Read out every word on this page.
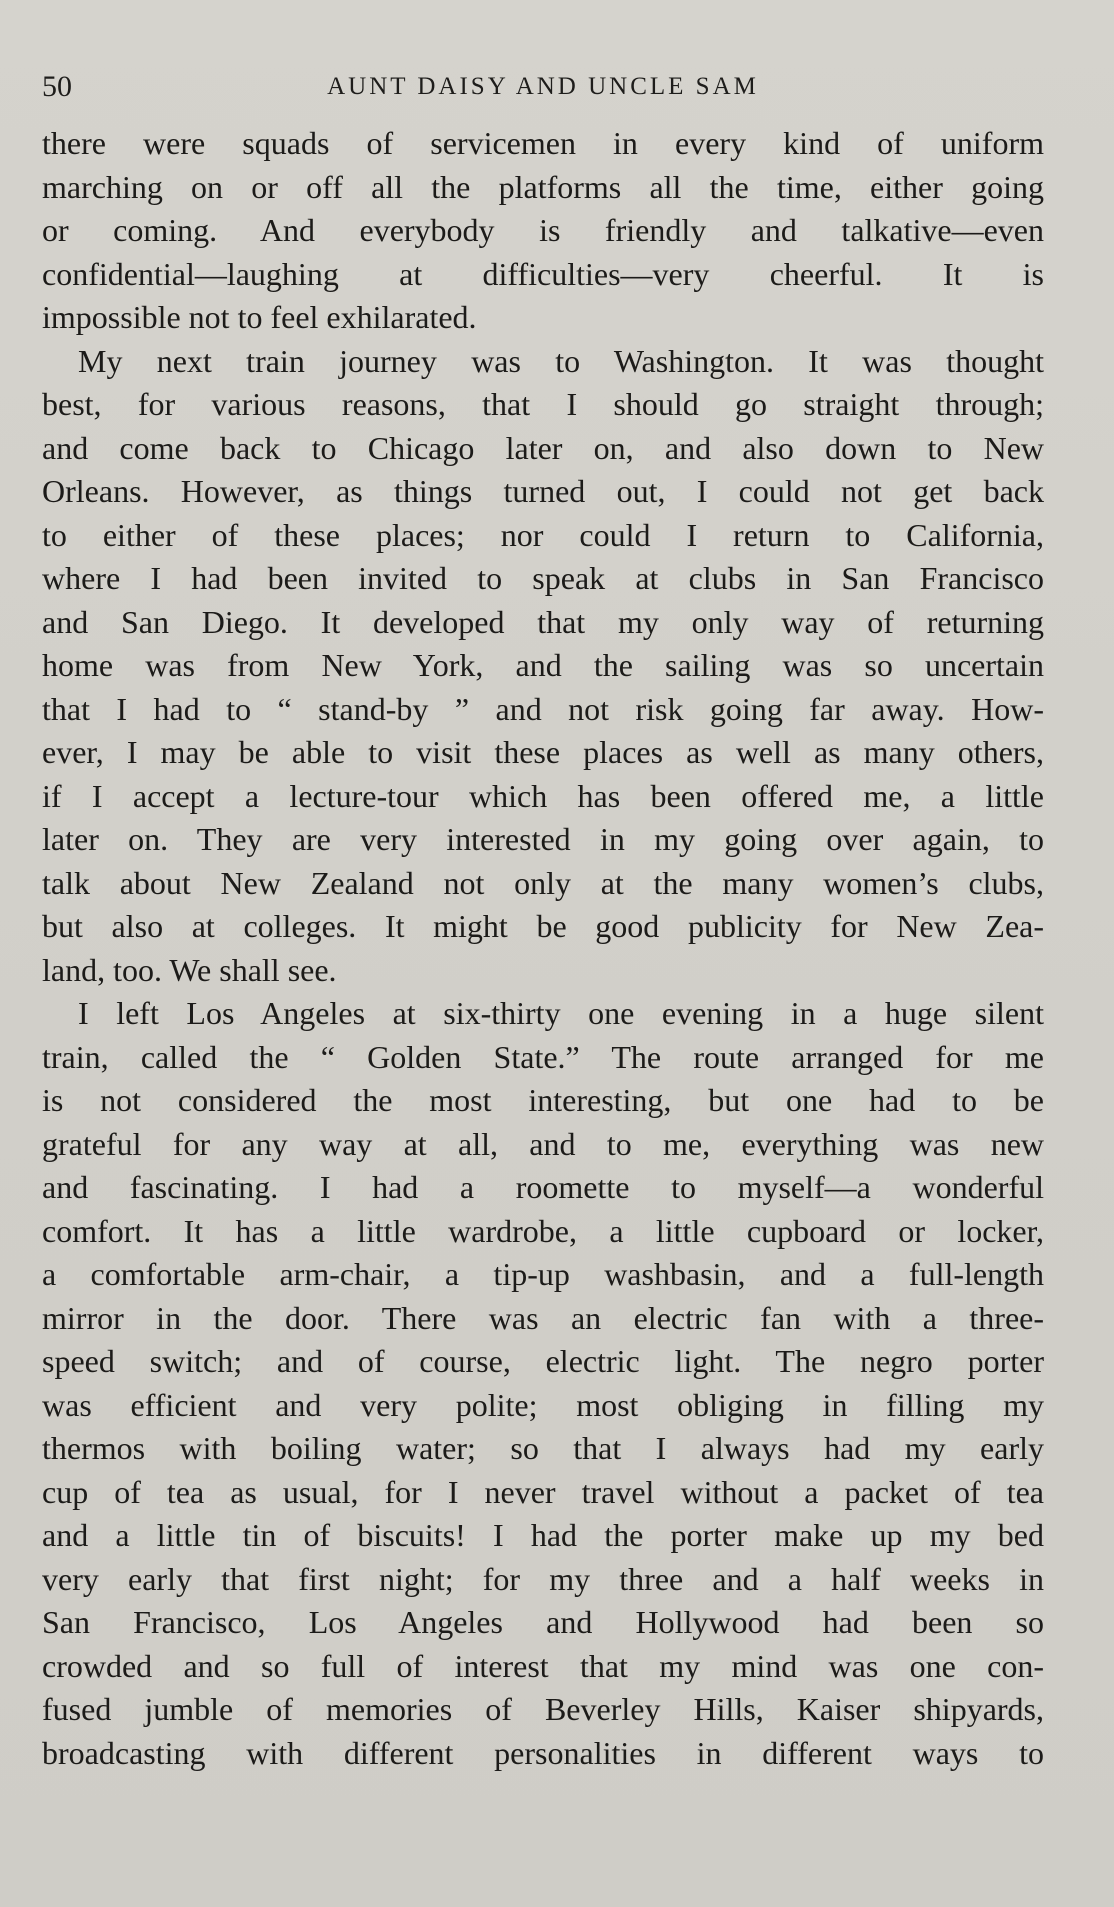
50	AUNT DAISY AND UNCLE SAM
there were squads of servicemen in every kind of uniform
marching on or off all the platforms all the time, either going
or coming. And everybody is friendly and talkative—even
confidential—laughing at difficulties—very cheerful. It is
impossible not to feel exhilarated.
My next train journey was to Washington. It was thought
best, for various reasons, that I should go straight through;
and come back to Chicago later on, and also down to New
Orleans. However, as things turned out, I could not get back
to either of these places; nor could I return to California,
where I had been invited to speak at clubs in San Francisco
and San Diego. It developed that my only way of returning
home was from New York, and the sailing was so uncertain
that I had to “ stand-by ” and not risk going far away. How-
ever, I may be able to visit these places as well as many others,
if I accept a lecture-tour which has been offered me, a little
later on. They are very interested in my going over again, to
talk about New Zealand not only at the many women’s clubs,
but also at colleges. It might be good publicity for New Zea-
land, too. We shall see.
I left Los Angeles at six-thirty one evening in a huge silent
train, called the “ Golden State.” The route arranged for me
is not considered the most interesting, but one had to be
grateful for any way at all, and to me, everything was new
and fascinating. I had a roomette to myself—a wonderful
comfort. It has a little wardrobe, a little cupboard or locker,
a comfortable arm-chair, a tip-up washbasin, and a full-length
mirror in the door. There was an electric fan with a three-
speed switch; and of course, electric light. The negro porter
was efficient and very polite; most obliging in filling my
thermos with boiling water; so that I always had my early
cup of tea as usual, for I never travel without a packet of tea
and a little tin of biscuits! I had the porter make up my bed
very early that first night; for my three and a half weeks in
San Francisco, Los Angeles and Hollywood had been so
crowded and so full of interest that my mind was one con-
fused jumble of memories of Beverley Hills, Kaiser shipyards,
broadcasting with different personalities in different ways to
